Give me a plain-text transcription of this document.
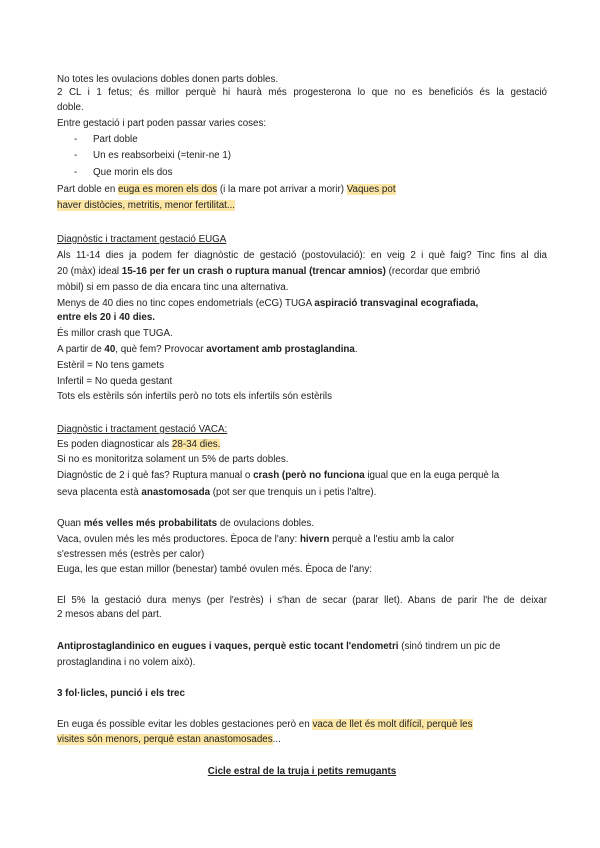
No totes les ovulacions dobles donen parts dobles.
2 CL i 1 fetus; és millor perquè hi haurà més progesterona lo que no es beneficiós és la gestació
doble.
Entre gestació i part poden passar varies coses:
- Part doble
- Un es reabsorbeixi (=tenir-ne 1)
- Que morin els dos
Part doble en euga es moren els dos (i la mare pot arrivar a morir) Vaques pot
haver distòcies, metritis, menor fertilitat...
Diagnòstic i tractament gestació EUGA
Als 11-14 dies ja podem fer diagnòstic de gestació (postovulació): en veig 2 i què faig? Tinc fins al dia
20 (màx) ideal 15-16 per fer un crash o ruptura manual (trencar amnios) (recordar que embrió
mòbil) si em passo de dia encara tinc una alternativa.
Menys de 40 dies no tinc copes endometrials (eCG) TUGA aspiració transvaginal ecografiada,
entre els 20 i 40 dies.
És millor crash que TUGA.
A partir de 40, què fem? Provocar avortament amb prostaglandina.
Estèril = No tens gamets
Infertil = No queda gestant
Tots els estèrils són infertils però no tots els infertils són estèrils
Diagnòstic i tractament gestació VACA:
Es poden diagnosticar als 28-34 dies.
Si no es monitoritza solament un 5% de parts dobles.
Diagnòstic de 2 i què fas? Ruptura manual o crash (però no funciona igual que en la euga perquè la
seva placenta està anastomosada (pot ser que trenquis un i petis l'altre).
Quan més velles més probabilitats de ovulacions dobles.
Vaca, ovulen més les més productores. Època de l'any: hivern perquè a l'estiu amb la calor
s'estressen més (estrès per calor)
Euga, les que estan millor (benestar) també ovulen més. Època de l'any:
El 5% la gestació dura menys (per l'estrès) i s'han de secar (parar llet). Abans de parir l'he de deixar
2 mesos abans del part.
Antiprostaglandinico en eugues i vaques, perquè estic tocant l'endometri (sinó tindrem un pic de
prostaglandina i no volem això).
3 fol·licles, punció i els trec
En euga és possible evitar les dobles gestaciones però en vaca de llet és molt difícil, perquè les
visites són menors, perquè estan anastomosades...
Cicle estral de la truja i petits remugants
